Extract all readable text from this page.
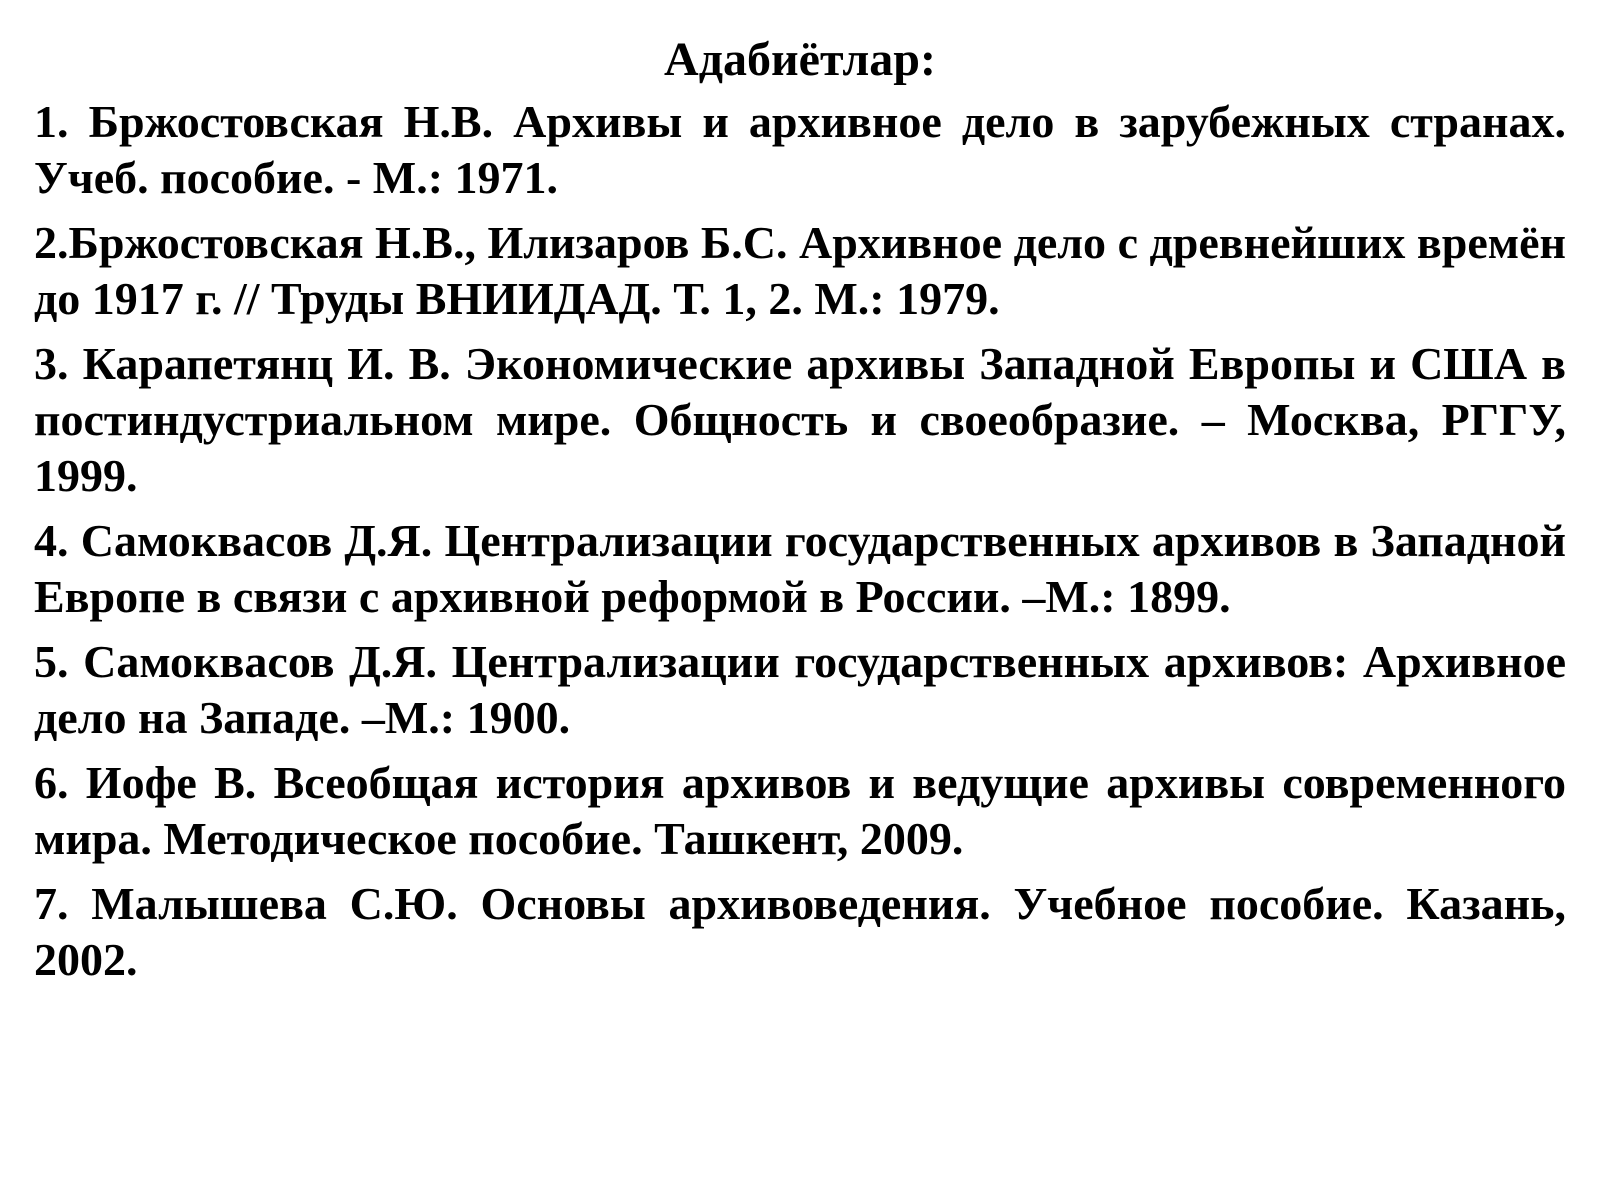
Адабиётлар:
1. Бржостовская Н.В. Архивы и архивное дело в зарубежных странах. Учеб. пособие. - М.: 1971.
2.Бржостовская Н.В., Илизаров Б.С. Архивное дело с древнейших времён до 1917 г. // Труды ВНИИДАД. Т. 1, 2. М.: 1979.
3. Карапетянц И. В. Экономические архивы Западной Европы и США в постиндустриальном мире. Общность и своеобразие. – Москва, РГГУ, 1999.
4. Самоквасов Д.Я. Централизации государственных архивов в Западной Европе в связи с архивной реформой в России. –М.: 1899.
5. Самоквасов Д.Я. Централизации государственных архивов: Архивное дело на Западе. –М.: 1900.
6. Иофе В. Всеобщая история архивов и ведущие архивы современного мира. Методическое пособие. Ташкент, 2009.
7. Малышева С.Ю. Основы архивоведения. Учебное пособие. Казань, 2002.
